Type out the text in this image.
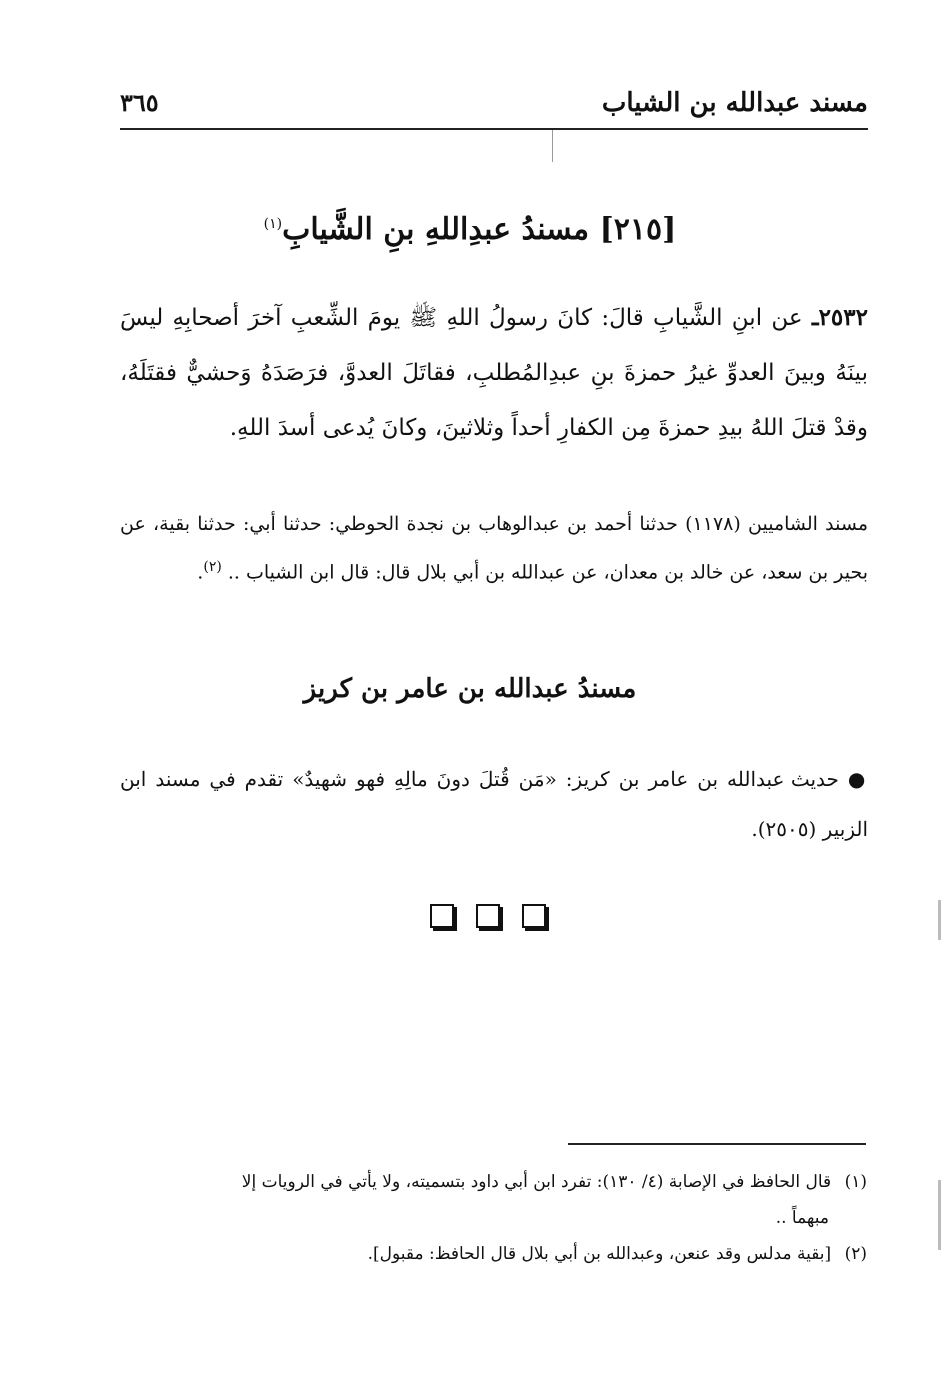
مسند عبدالله بن الشياب
٣٦٥
[٢١٥] مسندُ عبدِاللهِ بنِ الشَّيابِ$^{(١)}$
٢٥٣٢ـ عن ابنِ الشَّيابِ قالَ: كانَ رسولُ اللهِ ﷺ يومَ الشِّعبِ آخرَ أصحابِهِ ليسَ بينَهُ وبينَ العدوِّ غيرُ حمزةَ بنِ عبدِالمُطلبِ، فقاتَلَ العدوَّ، فرَصَدَهُ وَحشيٌّ فقتَلَهُ، وقدْ قتلَ اللهُ بيدِ حمزةَ مِن الكفارِ أحداً وثلاثينَ، وكانَ يُدعى أسدَ اللهِ.
مسند الشاميين (١١٧٨) حدثنا أحمد بن عبدالوهاب بن نجدة الحوطي: حدثنا أبي: حدثنا بقية، عن بحير بن سعد، عن خالد بن معدان، عن عبدالله بن أبي بلال قال: قال ابن الشياب .. $^{(٢)}$.
مسندُ عبدالله بن عامر بن كريز
● حديث عبدالله بن عامر بن كريز: «مَن قُتلَ دونَ مالِهِ فهو شهيدٌ» تقدم في مسند ابن الزبير (٢٥٠٥).
(١) قال الحافظ في الإصابة (٤/ ١٣٠): تفرد ابن أبي داود بتسميته، ولا يأتي في الرويات إلا
مبهماً ..
(٢) [بقية مدلس وقد عنعن، وعبدالله بن أبي بلال قال الحافظ: مقبول].
